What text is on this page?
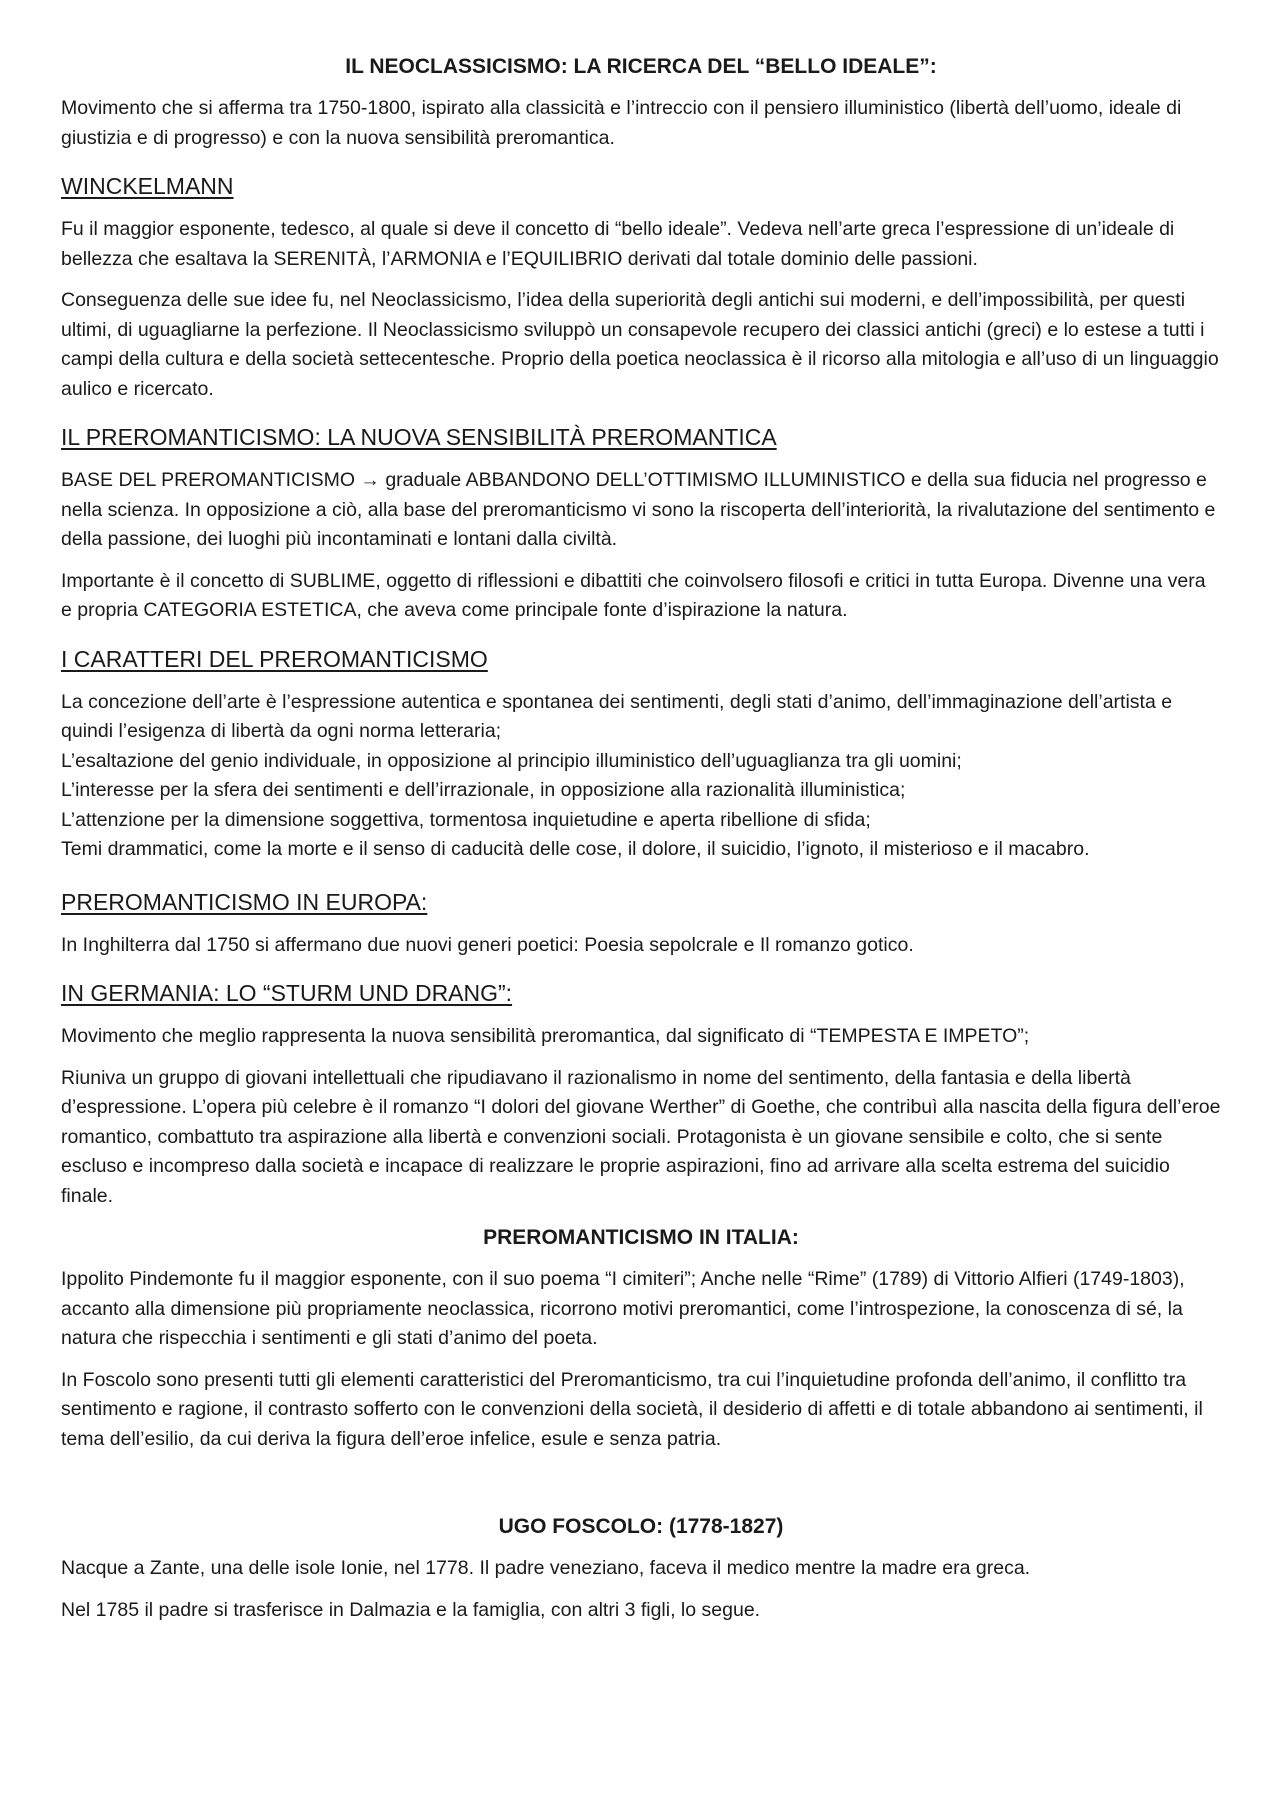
IL NEOCLASSICISMO: LA RICERCA DEL “BELLO IDEALE”:

Movimento che si afferma tra 1750-1800, ispirato alla classicità e l’intreccio con il pensiero illuministico (libertà dell’uomo, ideale di giustizia e di progresso) e con la nuova sensibilità preromantica.

WINCKELMANN

Fu il maggior esponente, tedesco, al quale si deve il concetto di “bello ideale”. Vedeva nell’arte greca l’espressione di un’ideale di bellezza che esaltava la SERENITÀ, l’ARMONIA e l’EQUILIBRIO derivati dal totale dominio delle passioni.

Conseguenza delle sue idee fu, nel Neoclassicismo, l’idea della superiorità degli antichi sui moderni, e dell’impossibilità, per questi ultimi, di uguagliarne la perfezione. Il Neoclassicismo sviluppò un consapevole recupero dei classici antichi (greci) e lo estese a tutti i campi della cultura e della società settecentesche. Proprio della poetica neoclassica è il ricorso alla mitologia e all’uso di un linguaggio aulico e ricercato.

IL PREROMANTICISMO: LA NUOVA SENSIBILITÀ PREROMANTICA

BASE DEL PREROMANTICISMO → graduale ABBANDONO DELL’OTTIMISMO ILLUMINISTICO e della sua fiducia nel progresso e nella scienza. In opposizione a ciò, alla base del preromanticismo vi sono la riscoperta dell’interiorità, la rivalutazione del sentimento e della passione, dei luoghi più incontaminati e lontani dalla civiltà.

Importante è il concetto di SUBLIME, oggetto di riflessioni e dibattiti che coinvolsero filosofi e critici in tutta Europa. Divenne una vera e propria CATEGORIA ESTETICA, che aveva come principale fonte d’ispirazione la natura.

I CARATTERI DEL PREROMANTICISMO
La concezione dell’arte è l’espressione autentica e spontanea dei sentimenti, degli stati d’animo, dell’immaginazione dell’artista e quindi l’esigenza di libertà da ogni norma letteraria;
L’esaltazione del genio individuale, in opposizione al principio illuministico dell’uguaglianza tra gli uomini;
L’interesse per la sfera dei sentimenti e dell’irrazionale, in opposizione alla razionalità illuministica;
L’attenzione per la dimensione soggettiva, tormentosa inquietudine e aperta ribellione di sfida;
Temi drammatici, come la morte e il senso di caducità delle cose, il dolore, il suicidio, l’ignoto, il misterioso e il macabro.
PREROMANTICISMO IN EUROPA:

In Inghilterra dal 1750 si affermano due nuovi generi poetici: Poesia sepolcrale e Il romanzo gotico.

IN GERMANIA: LO “STURM UND DRANG”:

Movimento che meglio rappresenta la nuova sensibilità preromantica, dal significato di “TEMPESTA E IMPETO”;

Riuniva un gruppo di giovani intellettuali che ripudiavano il razionalismo in nome del sentimento, della fantasia e della libertà d’espressione. L’opera più celebre è il romanzo “I dolori del giovane Werther” di Goethe, che contribuì alla nascita della figura dell’eroe romantico, combattuto tra aspirazione alla libertà e convenzioni sociali. Protagonista è un giovane sensibile e colto, che si sente escluso e incompreso dalla società e incapace di realizzare le proprie aspirazioni, fino ad arrivare alla scelta estrema del suicidio finale.

PREROMANTICISMO IN ITALIA:

Ippolito Pindemonte fu il maggior esponente, con il suo poema “I cimiteri”; Anche nelle “Rime” (1789) di Vittorio Alfieri (1749-1803), accanto alla dimensione più propriamente neoclassica, ricorrono motivi preromantici, come l’introspezione, la conoscenza di sé, la natura che rispecchia i sentimenti e gli stati d’animo del poeta.

In Foscolo sono presenti tutti gli elementi caratteristici del Preromanticismo, tra cui l’inquietudine profonda dell’animo, il conflitto tra sentimento e ragione, il contrasto sofferto con le convenzioni della società, il desiderio di affetti e di totale abbandono ai sentimenti, il tema dell’esilio, da cui deriva la figura dell’eroe infelice, esule e senza patria.

UGO FOSCOLO: (1778-1827)

Nacque a Zante, una delle isole Ionie, nel 1778. Il padre veneziano, faceva il medico mentre la madre era greca.

Nel 1785 il padre si trasferisce in Dalmazia e la famiglia, con altri 3 figli, lo segue.
